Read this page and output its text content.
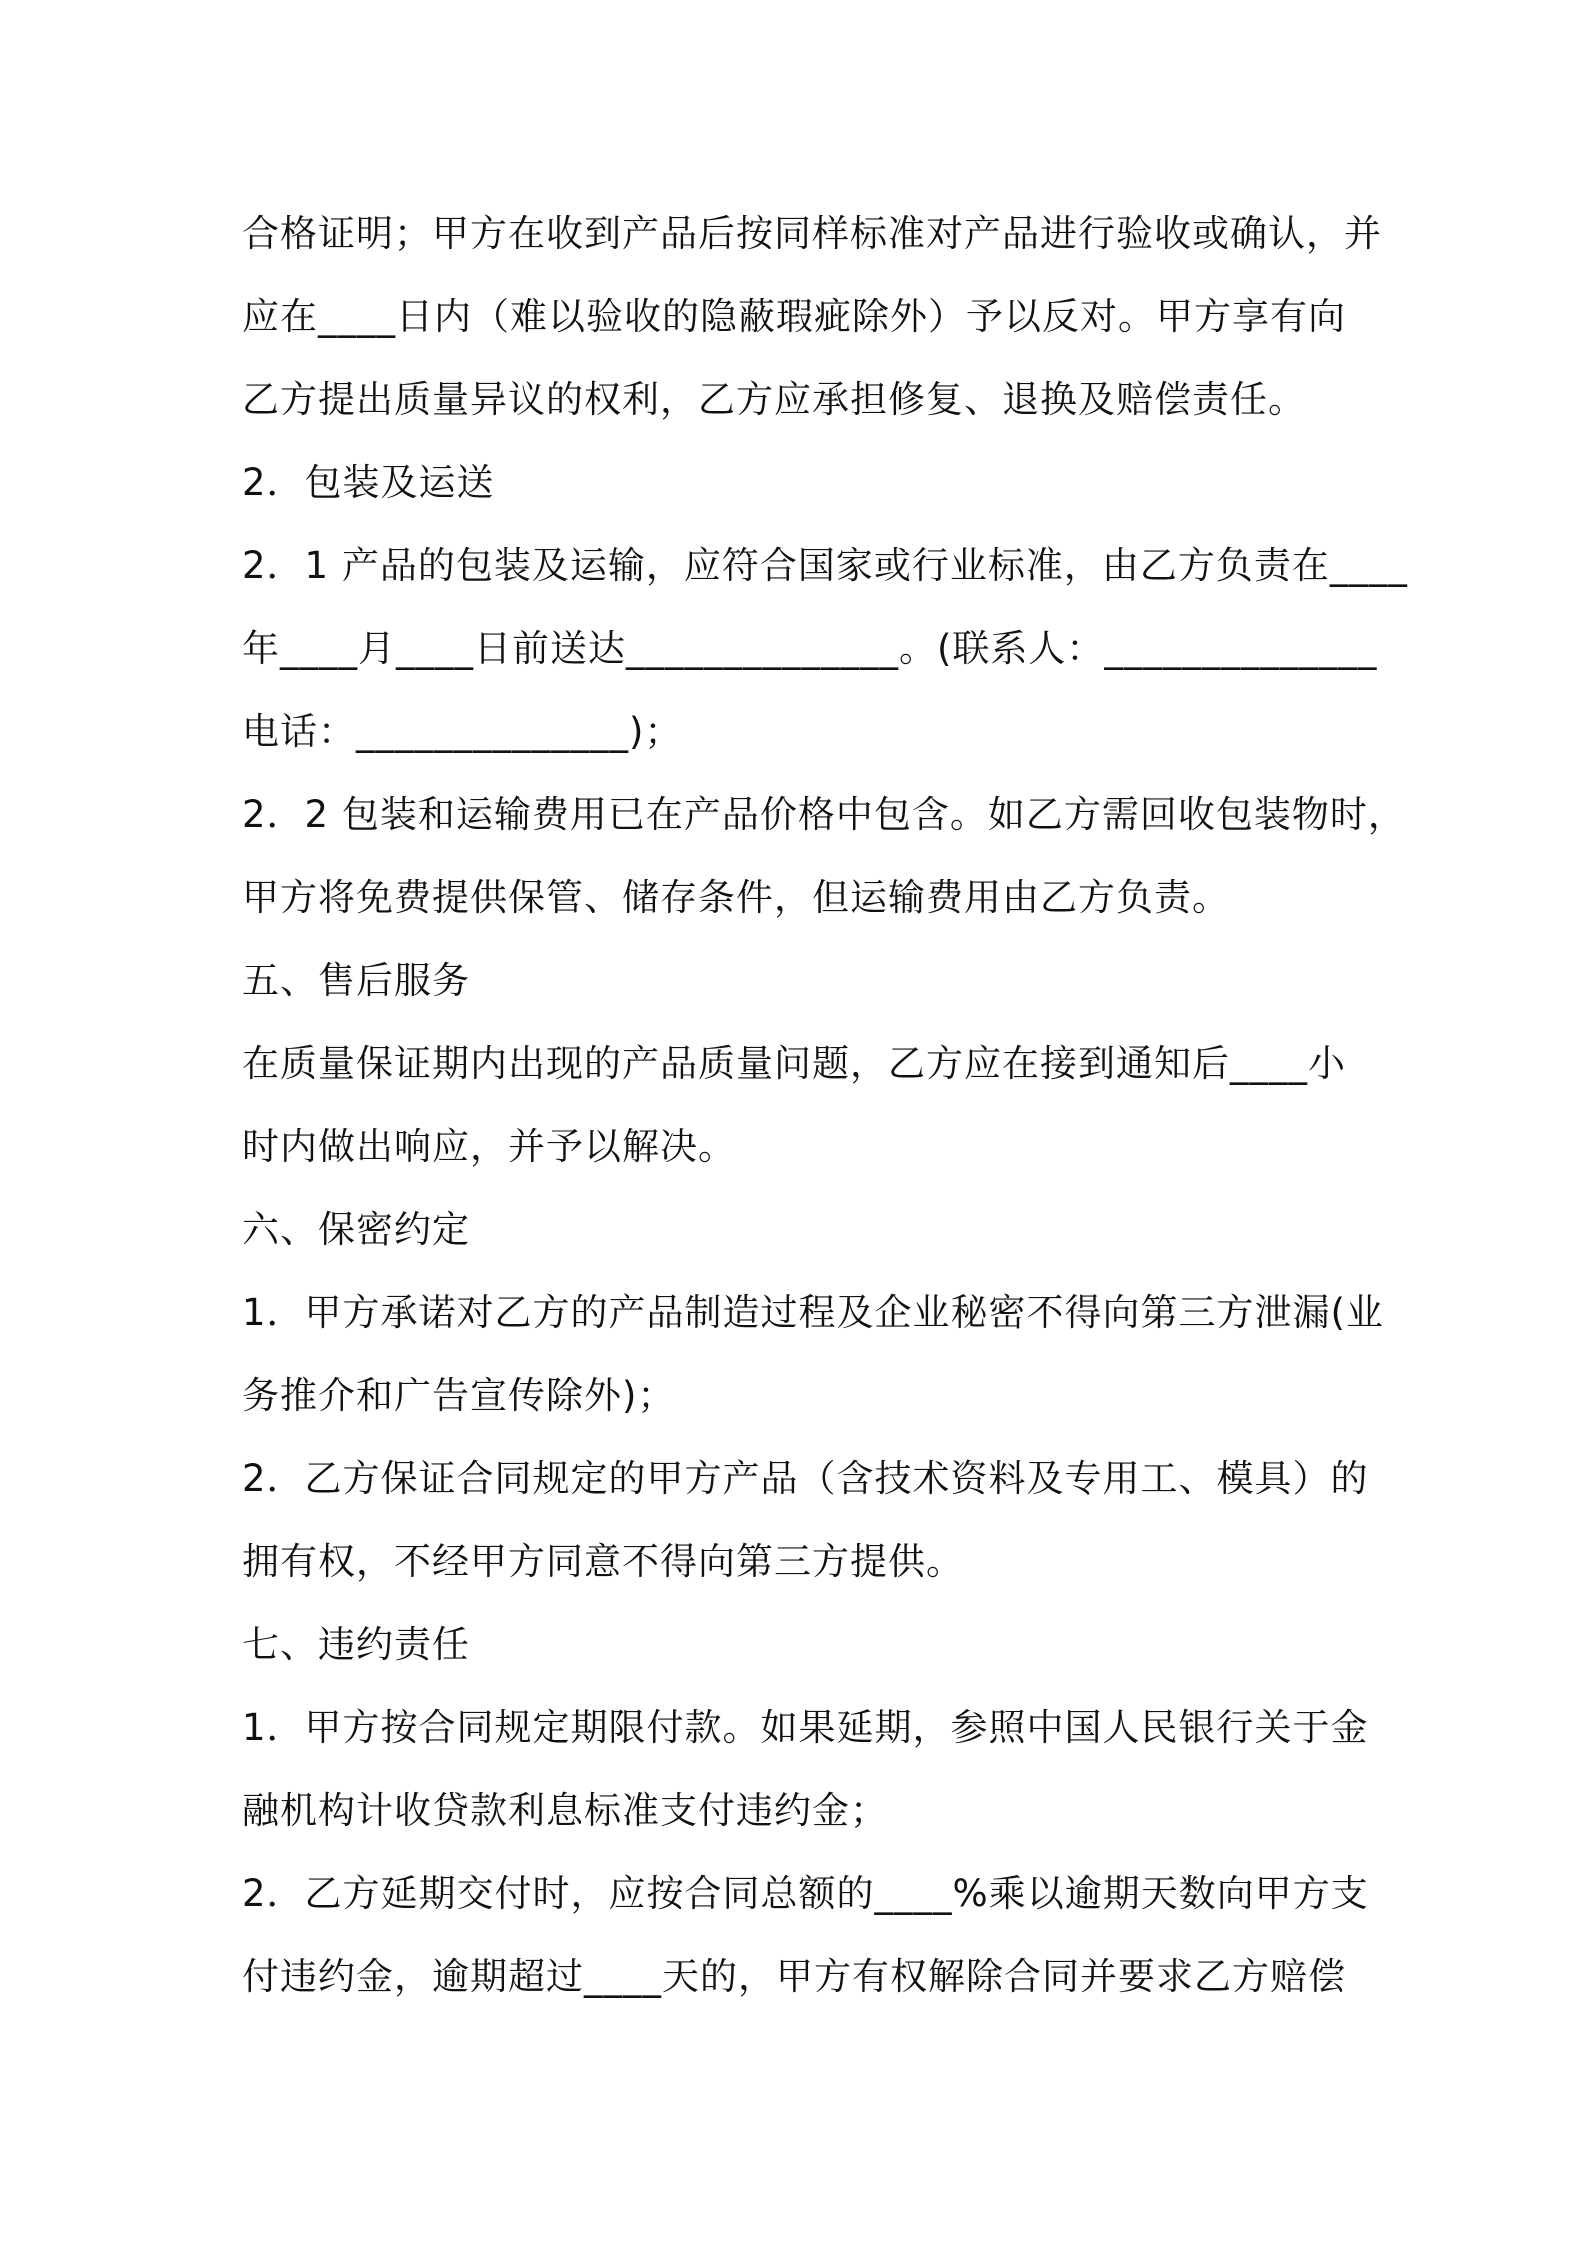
合格证明；甲方在收到产品后按同样标准对产品进行验收或确认，并
应在____日内（难以验收的隐蔽瑕疵除外）予以反对。甲方享有向
乙方提出质量异议的权利，乙方应承担修复、退换及赔偿责任。
2．包装及运送
2．1 产品的包装及运输，应符合国家或行业标准，由乙方负责在____
年____月____日前送达______________。(联系人：______________
电话：______________)；
2．2 包装和运输费用已在产品价格中包含。如乙方需回收包装物时，
甲方将免费提供保管、储存条件，但运输费用由乙方负责。
五、售后服务
在质量保证期内出现的产品质量问题，乙方应在接到通知后____小
时内做出响应，并予以解决。
六、保密约定
1．甲方承诺对乙方的产品制造过程及企业秘密不得向第三方泄漏(业
务推介和广告宣传除外)；
2．乙方保证合同规定的甲方产品（含技术资料及专用工、模具）的
拥有权，不经甲方同意不得向第三方提供。
七、违约责任
1．甲方按合同规定期限付款。如果延期，参照中国人民银行关于金
融机构计收贷款利息标准支付违约金；
2．乙方延期交付时，应按合同总额的____%乘以逾期天数向甲方支
付违约金，逾期超过____天的，甲方有权解除合同并要求乙方赔偿
